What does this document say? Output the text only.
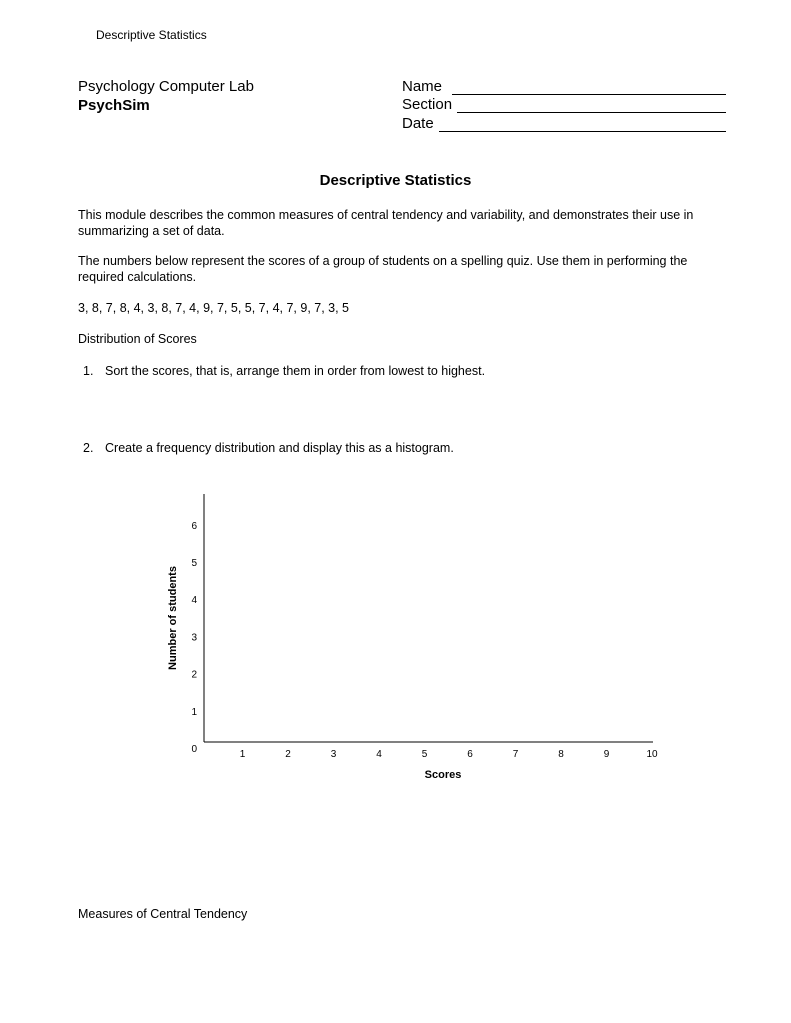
Descriptive Statistics
Psychology Computer Lab
PsychSim
Name
Section
Date
Descriptive Statistics
This module describes the common measures of central tendency and variability, and demonstrates their use in summarizing a set of data.
The numbers below represent the scores of a group of students on a spelling quiz. Use them in performing the required calculations.
3, 8, 7, 8, 4, 3, 8, 7, 4, 9, 7, 5, 5, 7, 4, 7, 9, 7, 3, 5
Distribution of Scores
1. Sort the scores, that is, arrange them in order from lowest to highest.
2. Create a frequency distribution and display this as a histogram.
1	2	3	4	5	6	7	8	9	10
0
1
2
3
4
5
6
Scores
Number of students
Measures of Central Tendency
